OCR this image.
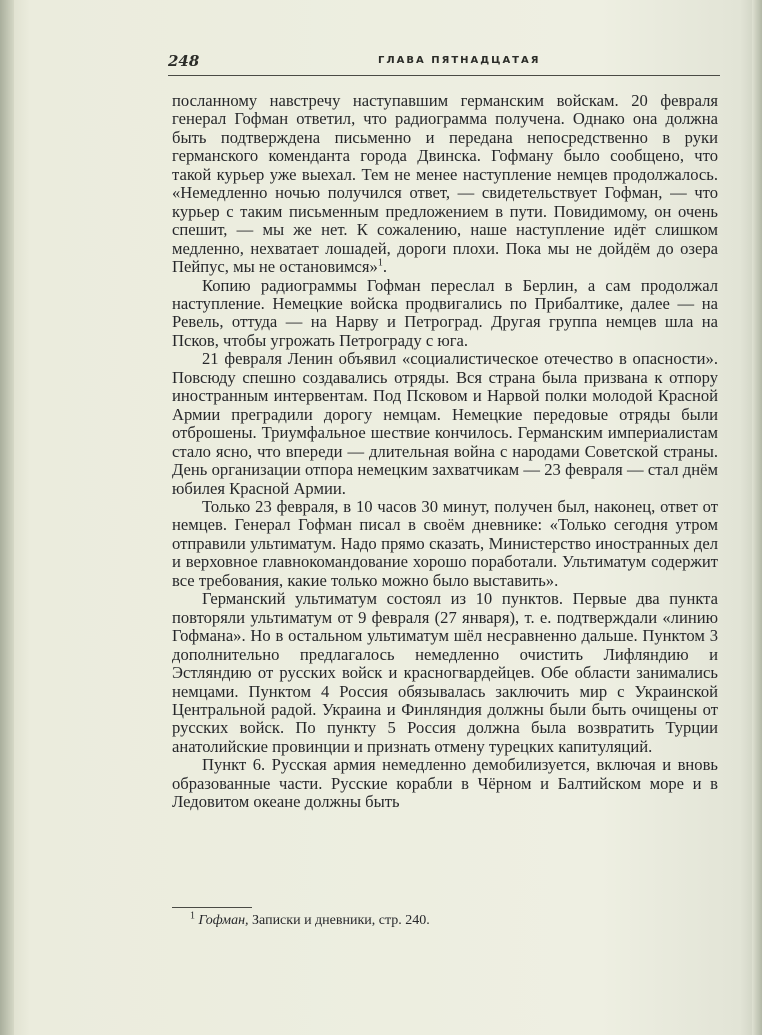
248	ГЛАВА ПЯТНАДЦАТАЯ

посланному навстречу наступавшим германским войскам. 20 февраля генерал Гофман ответил, что радиограмма получена. Однако она должна быть подтверждена письменно и передана непосредственно в руки германского коменданта города Двинска. Гофману было сообщено, что такой курьер уже выехал. Тем не менее наступление немцев продолжалось. «Немедленно ночью получился ответ, — свидетельствует Гофман, — что курьер с таким письменным предложением в пути. Повидимому, он очень спешит, — мы же нет. К сожалению, наше наступление идёт слишком медленно, нехватает лошадей, дороги плохи. Пока мы не дойдём до озера Пейпус, мы не остановимся»$^1$.

Копию радиограммы Гофман переслал в Берлин, а сам продолжал наступление. Немецкие войска продвигались по Прибалтике, далее — на Ревель, оттуда — на Нарву и Петроград. Другая группа немцев шла на Псков, чтобы угрожать Петрограду с юга.

21 февраля Ленин объявил «социалистическое отечество в опасности». Повсюду спешно создавались отряды. Вся страна была призвана к отпору иностранным интервентам. Под Псковом и Нарвой полки молодой Красной Армии преградили дорогу немцам. Немецкие передовые отряды были отброшены. Триумфальное шествие кончилось. Германским империалистам стало ясно, что впереди — длительная война с народами Советской страны. День организации отпора немецким захватчикам — 23 февраля — стал днём юбилея Красной Армии.

Только 23 февраля, в 10 часов 30 минут, получен был, наконец, ответ от немцев. Генерал Гофман писал в своём дневнике: «Только сегодня утром отправили ультиматум. Надо прямо сказать, Министерство иностранных дел и верховное главнокомандование хорошо поработали. Ультиматум содержит все требования, какие только можно было выставить».

Германский ультиматум состоял из 10 пунктов. Первые два пункта повторяли ультиматум от 9 февраля (27 января), т. е. подтверждали «линию Гофмана». Но в остальном ультиматум шёл несравненно дальше. Пунктом 3 дополнительно предлагалось немедленно очистить Лифляндию и Эстляндию от русских войск и красногвардейцев. Обе области занимались немцами. Пунктом 4 Россия обязывалась заключить мир с Украинской Центральной радой. Украина и Финляндия должны были быть очищены от русских войск. По пункту 5 Россия должна была возвратить Турции анатолийские провинции и признать отмену турецких капитуляций.

Пункт 6. Русская армия немедленно демобилизуется, включая и вновь образованные части. Русские корабли в Чёрном и Балтийском море и в Ледовитом океане должны быть

$^1$ Гофман, Записки и дневники, стр. 240.
